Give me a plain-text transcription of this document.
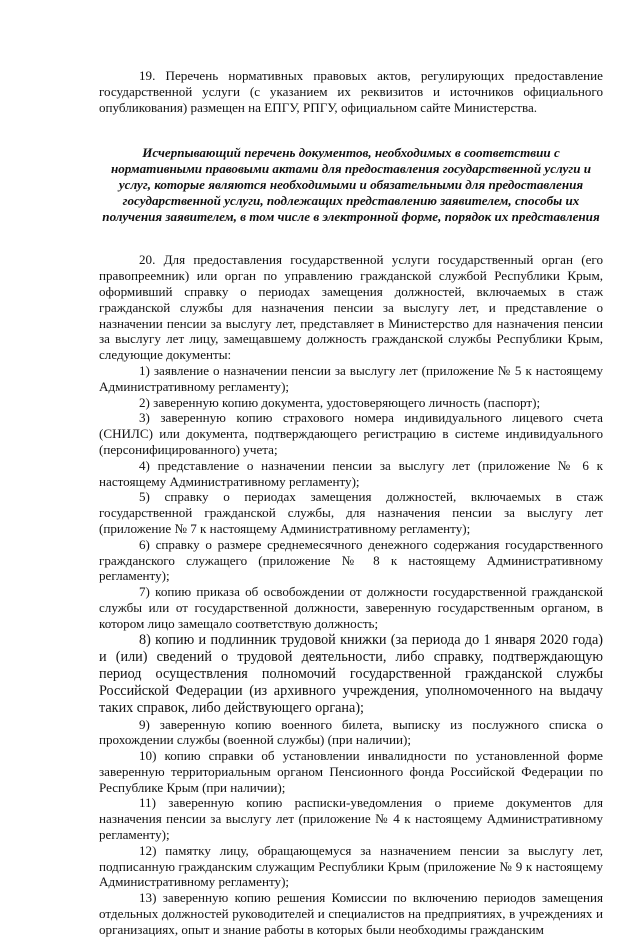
19. Перечень нормативных правовых актов, регулирующих предоставление государственной услуги (с указанием их реквизитов и источников официального опубликования) размещен на ЕПГУ, РПГУ, официальном сайте Министерства.

Исчерпывающий перечень документов, необходимых в соответствии с нормативными правовыми актами для предоставления государственной услуги и услуг, которые являются необходимыми и обязательными для предоставления государственной услуги, подлежащих представлению заявителем, способы их получения заявителем, в том числе в электронной форме, порядок их представления

20. Для предоставления государственной услуги государственный орган (его правопреемник) или орган по управлению гражданской службой Республики Крым, оформивший справку о периодах замещения должностей, включаемых в стаж гражданской службы для назначения пенсии за выслугу лет, и представление о назначении пенсии за выслугу лет, представляет в Министерство для назначения пенсии за выслугу лет лицу, замещавшему должность гражданской службы Республики Крым, следующие документы:

1) заявление о назначении пенсии за выслугу лет (приложение № 5 к настоящему Административному регламенту);

2) заверенную копию документа, удостоверяющего личность (паспорт);

3) заверенную копию страхового номера индивидуального лицевого счета (СНИЛС) или документа, подтверждающего регистрацию в системе индивидуального (персонифицированного) учета;

4) представление о назначении пенсии за выслугу лет (приложение № 6 к настоящему Административному регламенту);

5) справку о периодах замещения должностей, включаемых в стаж государственной гражданской службы, для назначения пенсии за выслугу лет (приложение № 7 к настоящему Административному регламенту);

6) справку о размере среднемесячного денежного содержания государственного гражданского служащего (приложение № 8 к настоящему Административному регламенту);

7) копию приказа об освобождении от должности государственной гражданской службы или от государственной должности, заверенную государственным органом, в котором лицо замещало соответствую должность;

8) копию и подлинник трудовой книжки (за периода до 1 января 2020 года) и (или) сведений о трудовой деятельности, либо справку, подтверждающую период осуществления полномочий государственной гражданской службы Российской Федерации (из архивного учреждения, уполномоченного на выдачу таких справок, либо действующего органа);

9) заверенную копию военного билета, выписку из послужного списка о прохождении службы (военной службы) (при наличии);

10) копию справки об установлении инвалидности по установленной форме заверенную территориальным органом Пенсионного фонда Российской Федерации по Республике Крым (при наличии);

11) заверенную копию расписки-уведомления о приеме документов для назначения пенсии за выслугу лет (приложение № 4 к настоящему Административному регламенту);

12) памятку лицу, обращающемуся за назначением пенсии за выслугу лет, подписанную гражданским служащим Республики Крым (приложение № 9 к настоящему Административному регламенту);

13) заверенную копию решения Комиссии по включению периодов замещения отдельных должностей руководителей и специалистов на предприятиях, в учреждениях и организациях, опыт и знание работы в которых были необходимы гражданским
